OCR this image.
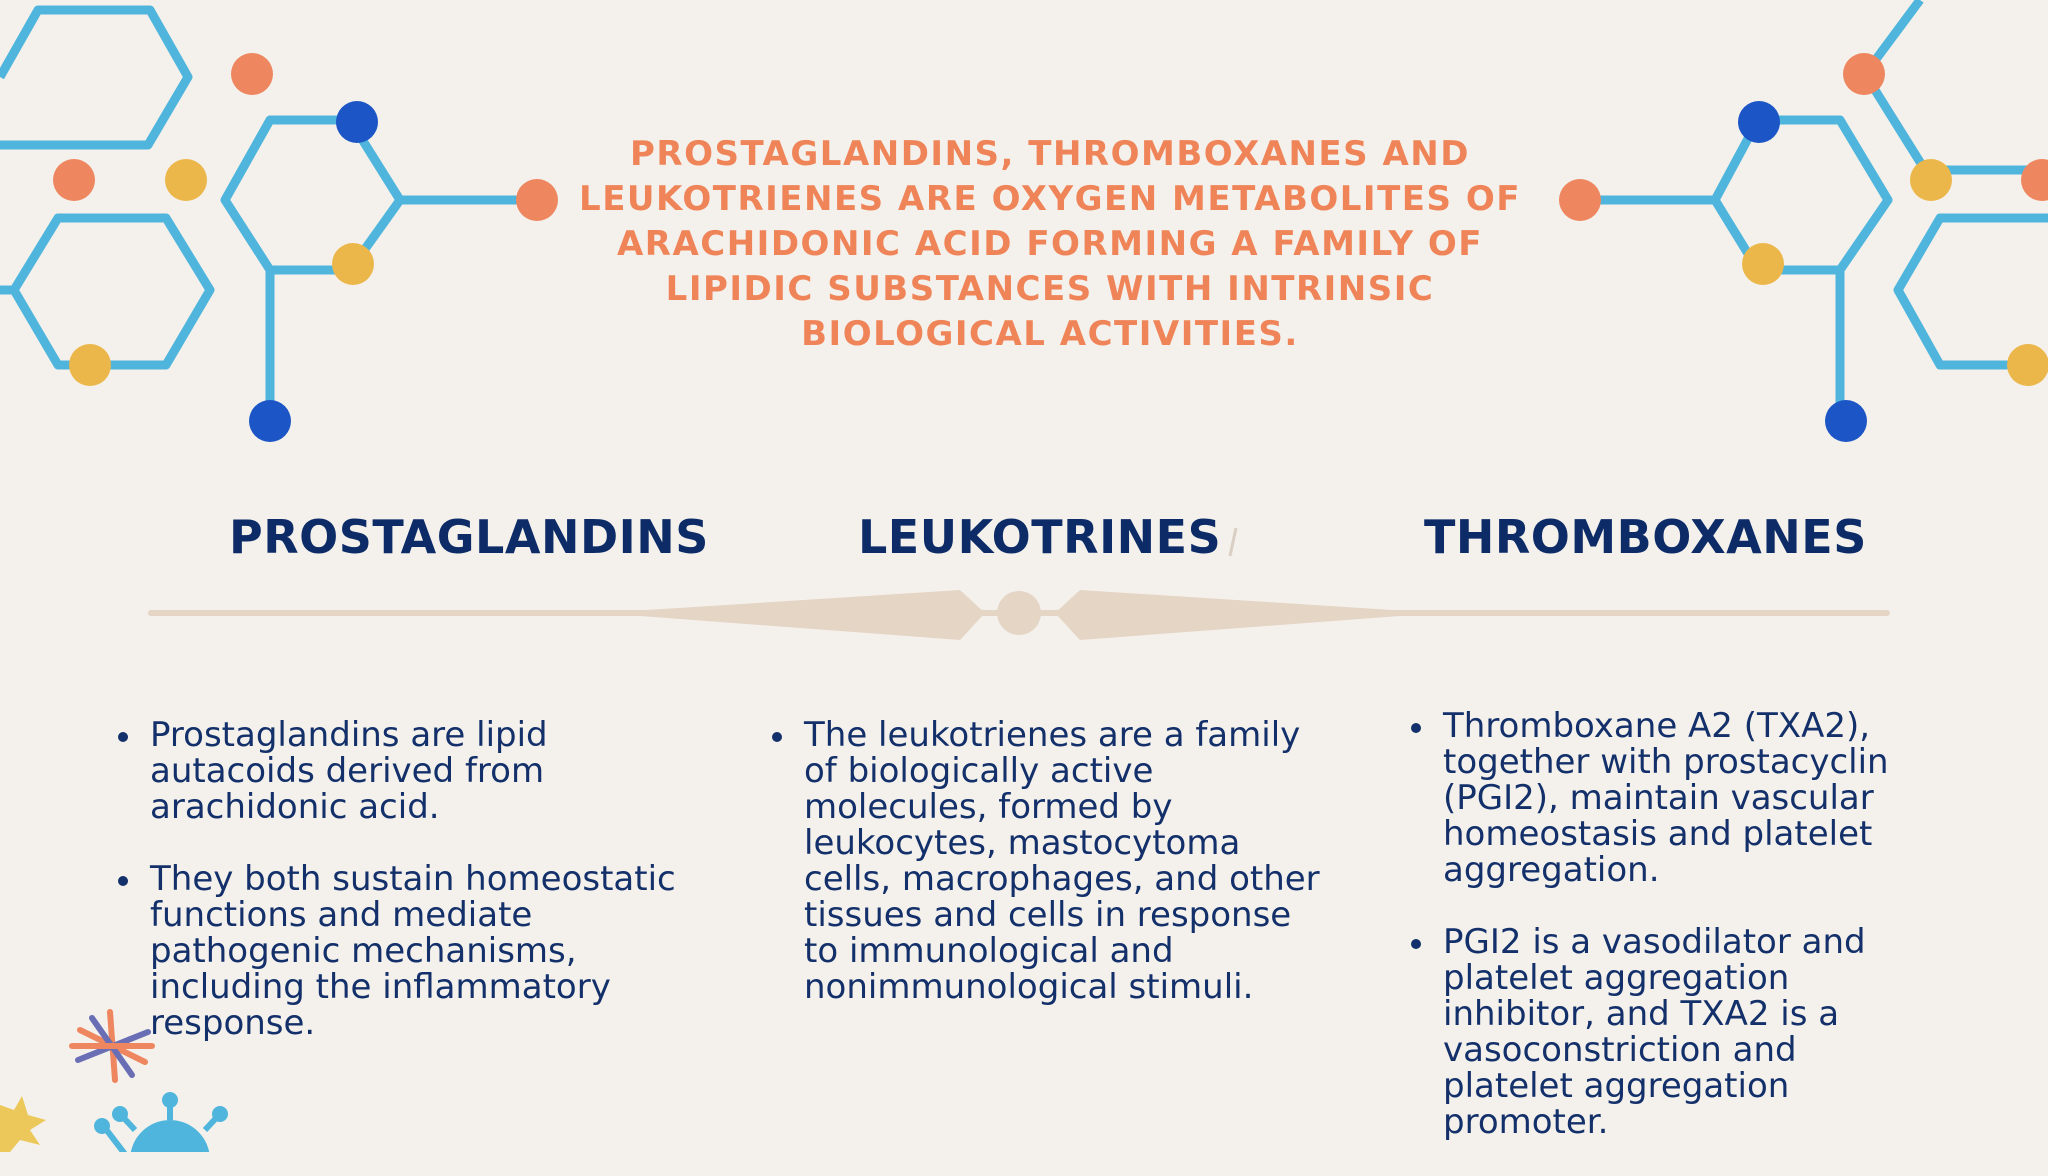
PROSTAGLANDINS, THROMBOXANES AND LEUKOTRIENES ARE OXYGEN METABOLITES OF ARACHIDONIC ACID FORMING A FAMILY OF LIPIDIC SUBSTANCES WITH INTRINSIC BIOLOGICAL ACTIVITIES.
PROSTAGLANDINS	LEUKOTRINES	THROMBOXANES
Prostaglandins are lipid autacoids derived from arachidonic acid.
They both sustain homeostatic functions and mediate pathogenic mechanisms, including the inflammatory response.
The leukotrienes are a family of biologically active molecules, formed by leukocytes, mastocytoma cells, macrophages, and other tissues and cells in response to immunological and nonimmunological stimuli.
Thromboxane A2 (TXA2), together with prostacyclin (PGI2), maintain vascular homeostasis and platelet aggregation.
PGI2 is a vasodilator and platelet aggregation inhibitor, and TXA2 is a vasoconstriction and platelet aggregation promoter.
